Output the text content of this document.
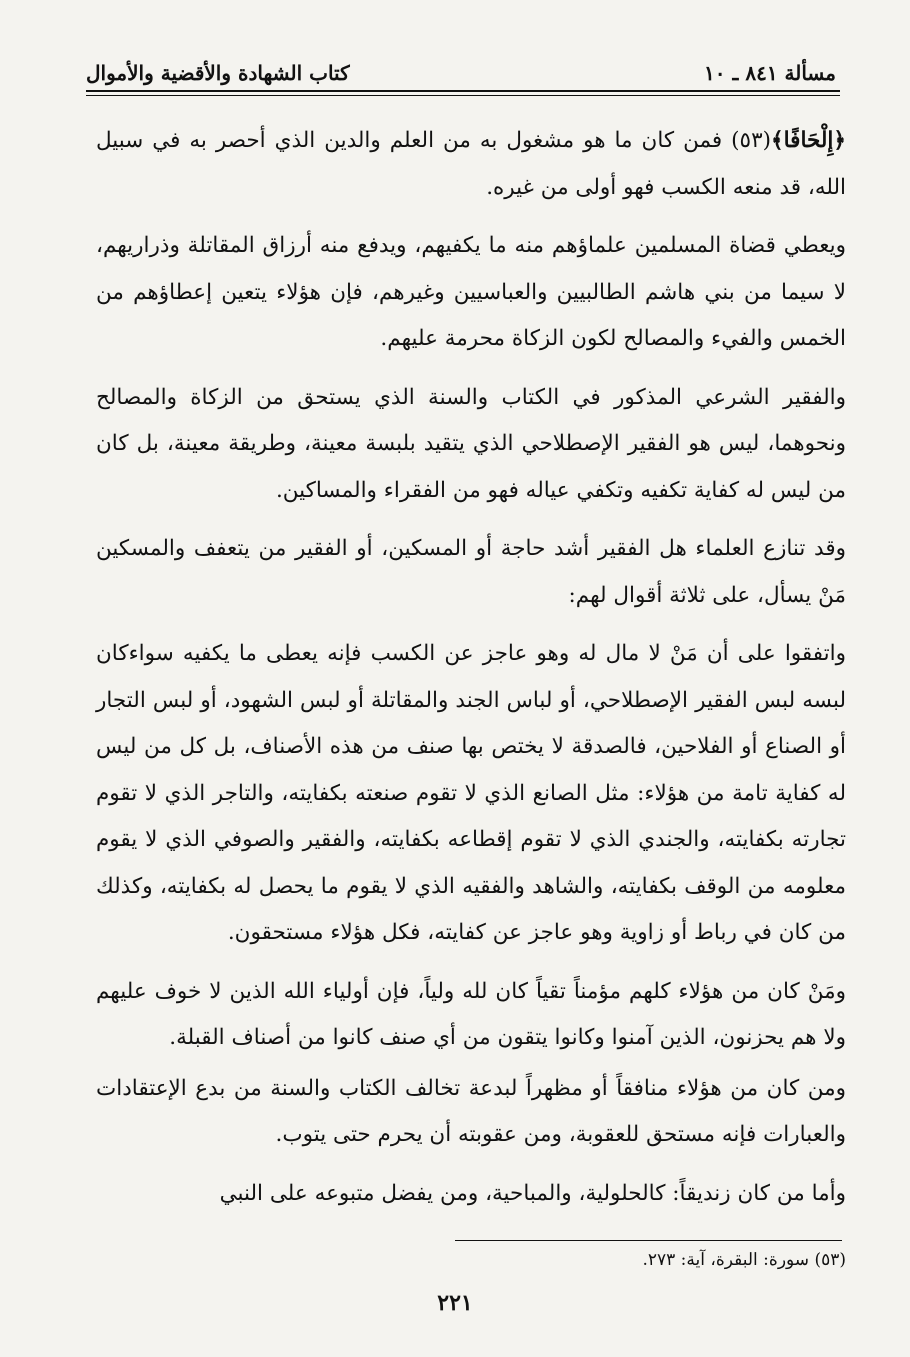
مسألة ٨٤١ ـ ١٠
كتاب الشهادة والأقضية والأموال

﴿إِلْحَافًا﴾(٥٣) فمن كان ما هو مشغول به من العلم والدين الذي أحصر به في سبيل الله، قد منعه الكسب فهو أولى من غيره.

ويعطي قضاة المسلمين علماؤهم منه ما يكفيهم، ويدفع منه أرزاق المقاتلة وذراريهم، لا سيما من بني هاشم الطالبيين والعباسيين وغيرهم، فإن هؤلاء يتعين إعطاؤهم من الخمس والفيء والمصالح لكون الزكاة محرمة عليهم.

والفقير الشرعي المذكور في الكتاب والسنة الذي يستحق من الزكاة والمصالح ونحوهما، ليس هو الفقير الإصطلاحي الذي يتقيد بلبسة معينة، وطريقة معينة، بل كان من ليس له كفاية تكفيه وتكفي عياله فهو من الفقراء والمساكين.

وقد تنازع العلماء هل الفقير أشد حاجة أو المسكين، أو الفقير من يتعفف والمسكين مَنْ يسأل، على ثلاثة أقوال لهم:

واتفقوا على أن مَنْ لا مال له وهو عاجز عن الكسب فإنه يعطى ما يكفيه سواءكان لبسه لبس الفقير الإصطلاحي، أو لباس الجند والمقاتلة أو لبس الشهود، أو لبس التجار أو الصناع أو الفلاحين، فالصدقة لا يختص بها صنف من هذه الأصناف، بل كل من ليس له كفاية تامة من هؤلاء: مثل الصانع الذي لا تقوم صنعته بكفايته، والتاجر الذي لا تقوم تجارته بكفايته، والجندي الذي لا تقوم إقطاعه بكفايته، والفقير والصوفي الذي لا يقوم معلومه من الوقف بكفايته، والشاهد والفقيه الذي لا يقوم ما يحصل له بكفايته، وكذلك من كان في رباط أو زاوية وهو عاجز عن كفايته، فكل هؤلاء مستحقون.

ومَنْ كان من هؤلاء كلهم مؤمناً تقياً كان لله ولياً، فإن أولياء الله الذين لا خوف عليهم ولا هم يحزنون، الذين آمنوا وكانوا يتقون من أي صنف كانوا من أصناف القبلة.

ومن كان من هؤلاء منافقاً أو مظهراً لبدعة تخالف الكتاب والسنة من بدع الإعتقادات والعبارات فإنه مستحق للعقوبة، ومن عقوبته أن يحرم حتى يتوب.

وأما من كان زنديقاً: كالحلولية، والمباحية، ومن يفضل متبوعه على النبي

(٥٣) سورة: البقرة، آية: ٢٧٣.
٢٢١
